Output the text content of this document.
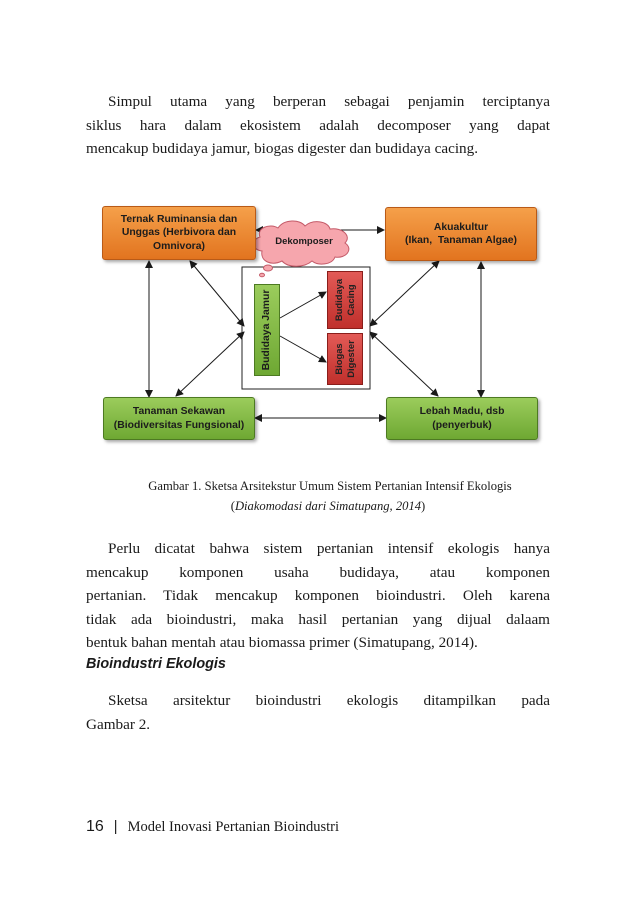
Simpul utama yang berperan sebagai penjamin terciptanya
siklus hara dalam ekosistem adalah decomposer yang dapat
mencakup budidaya jamur, biogas digester dan budidaya cacing.
Ternak Ruminansia dan
Unggas (Herbivora dan
Omnivora)
Akuakultur
(Ikan,  Tanaman Algae)
Tanaman Sekawan
(Biodiversitas Fungsional)
Lebah Madu, dsb
(penyerbuk)
Dekomposer
Budidaya Jamur	Budidaya Cacing
Biogas Digester
Gambar 1. Sketsa Arsitekstur Umum Sistem Pertanian Intensif Ekologis
(Diakomodasi dari Simatupang, 2014)
Perlu dicatat bahwa sistem pertanian intensif ekologis hanya
mencakup komponen usaha budidaya, atau komponen
pertanian. Tidak mencakup komponen bioindustri. Oleh karena
tidak ada bioindustri, maka hasil pertanian yang dijual dalaam
bentuk bahan mentah atau biomassa primer (Simatupang, 2014).
Bioindustri Ekologis
Sketsa arsitektur bioindustri ekologis ditampilkan pada
Gambar 2.
16 | Model Inovasi Pertanian Bioindustri
